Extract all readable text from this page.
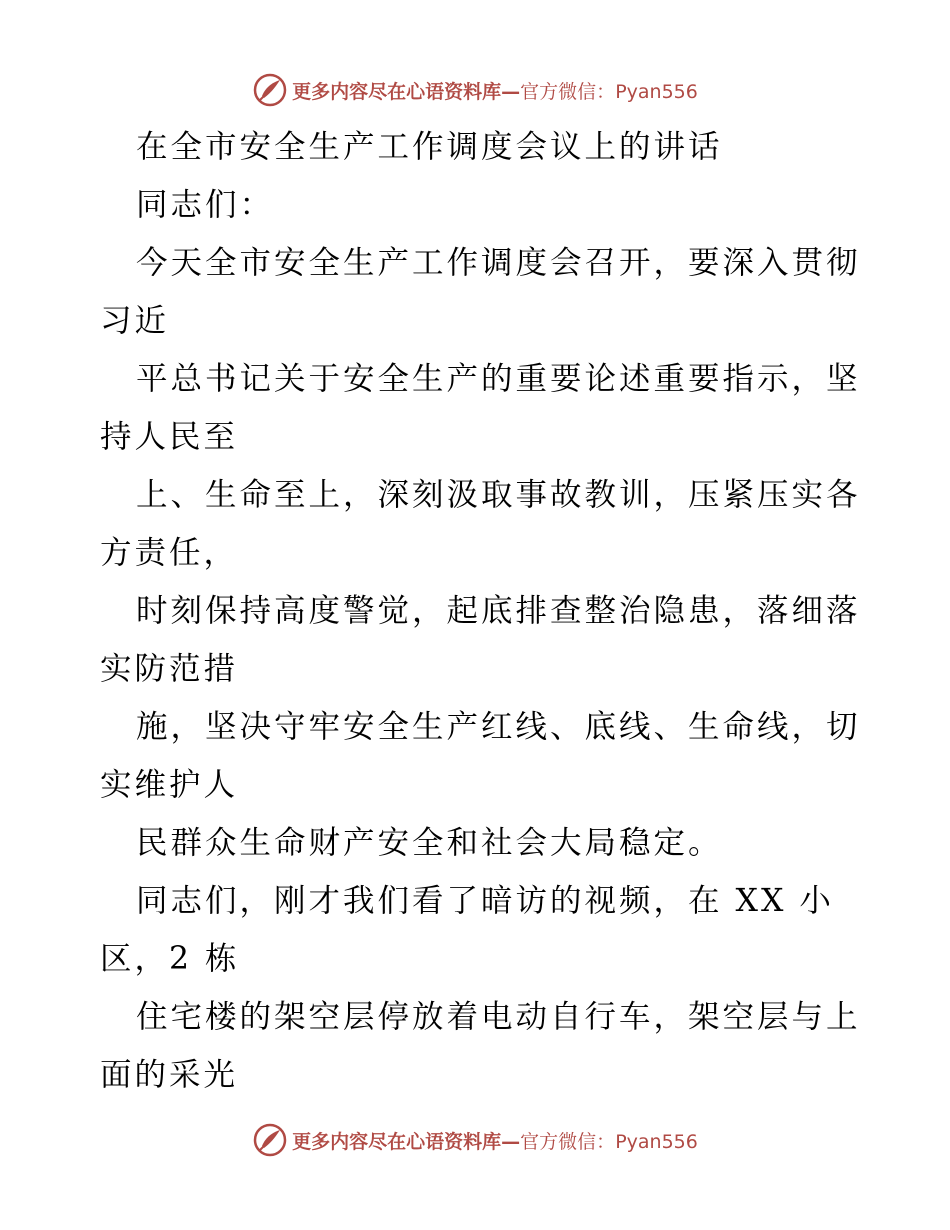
更多内容尽在心语资料库—官方微信：Pyan556
在全市安全生产工作调度会议上的讲话
同志们：
今天全市安全生产工作调度会召开，要深入贯彻
习近
平总书记关于安全生产的重要论述重要指示，坚
持人民至
上、生命至上，深刻汲取事故教训，压紧压实各
方责任，
时刻保持高度警觉，起底排查整治隐患，落细落
实防范措
施，坚决守牢安全生产红线、底线、生命线，切
实维护人
民群众生命财产安全和社会大局稳定。
同志们，刚才我们看了暗访的视频，在 XX 小
区，2 栋
住宅楼的架空层停放着电动自行车，架空层与上
面的采光
更多内容尽在心语资料库—官方微信：Pyan556
